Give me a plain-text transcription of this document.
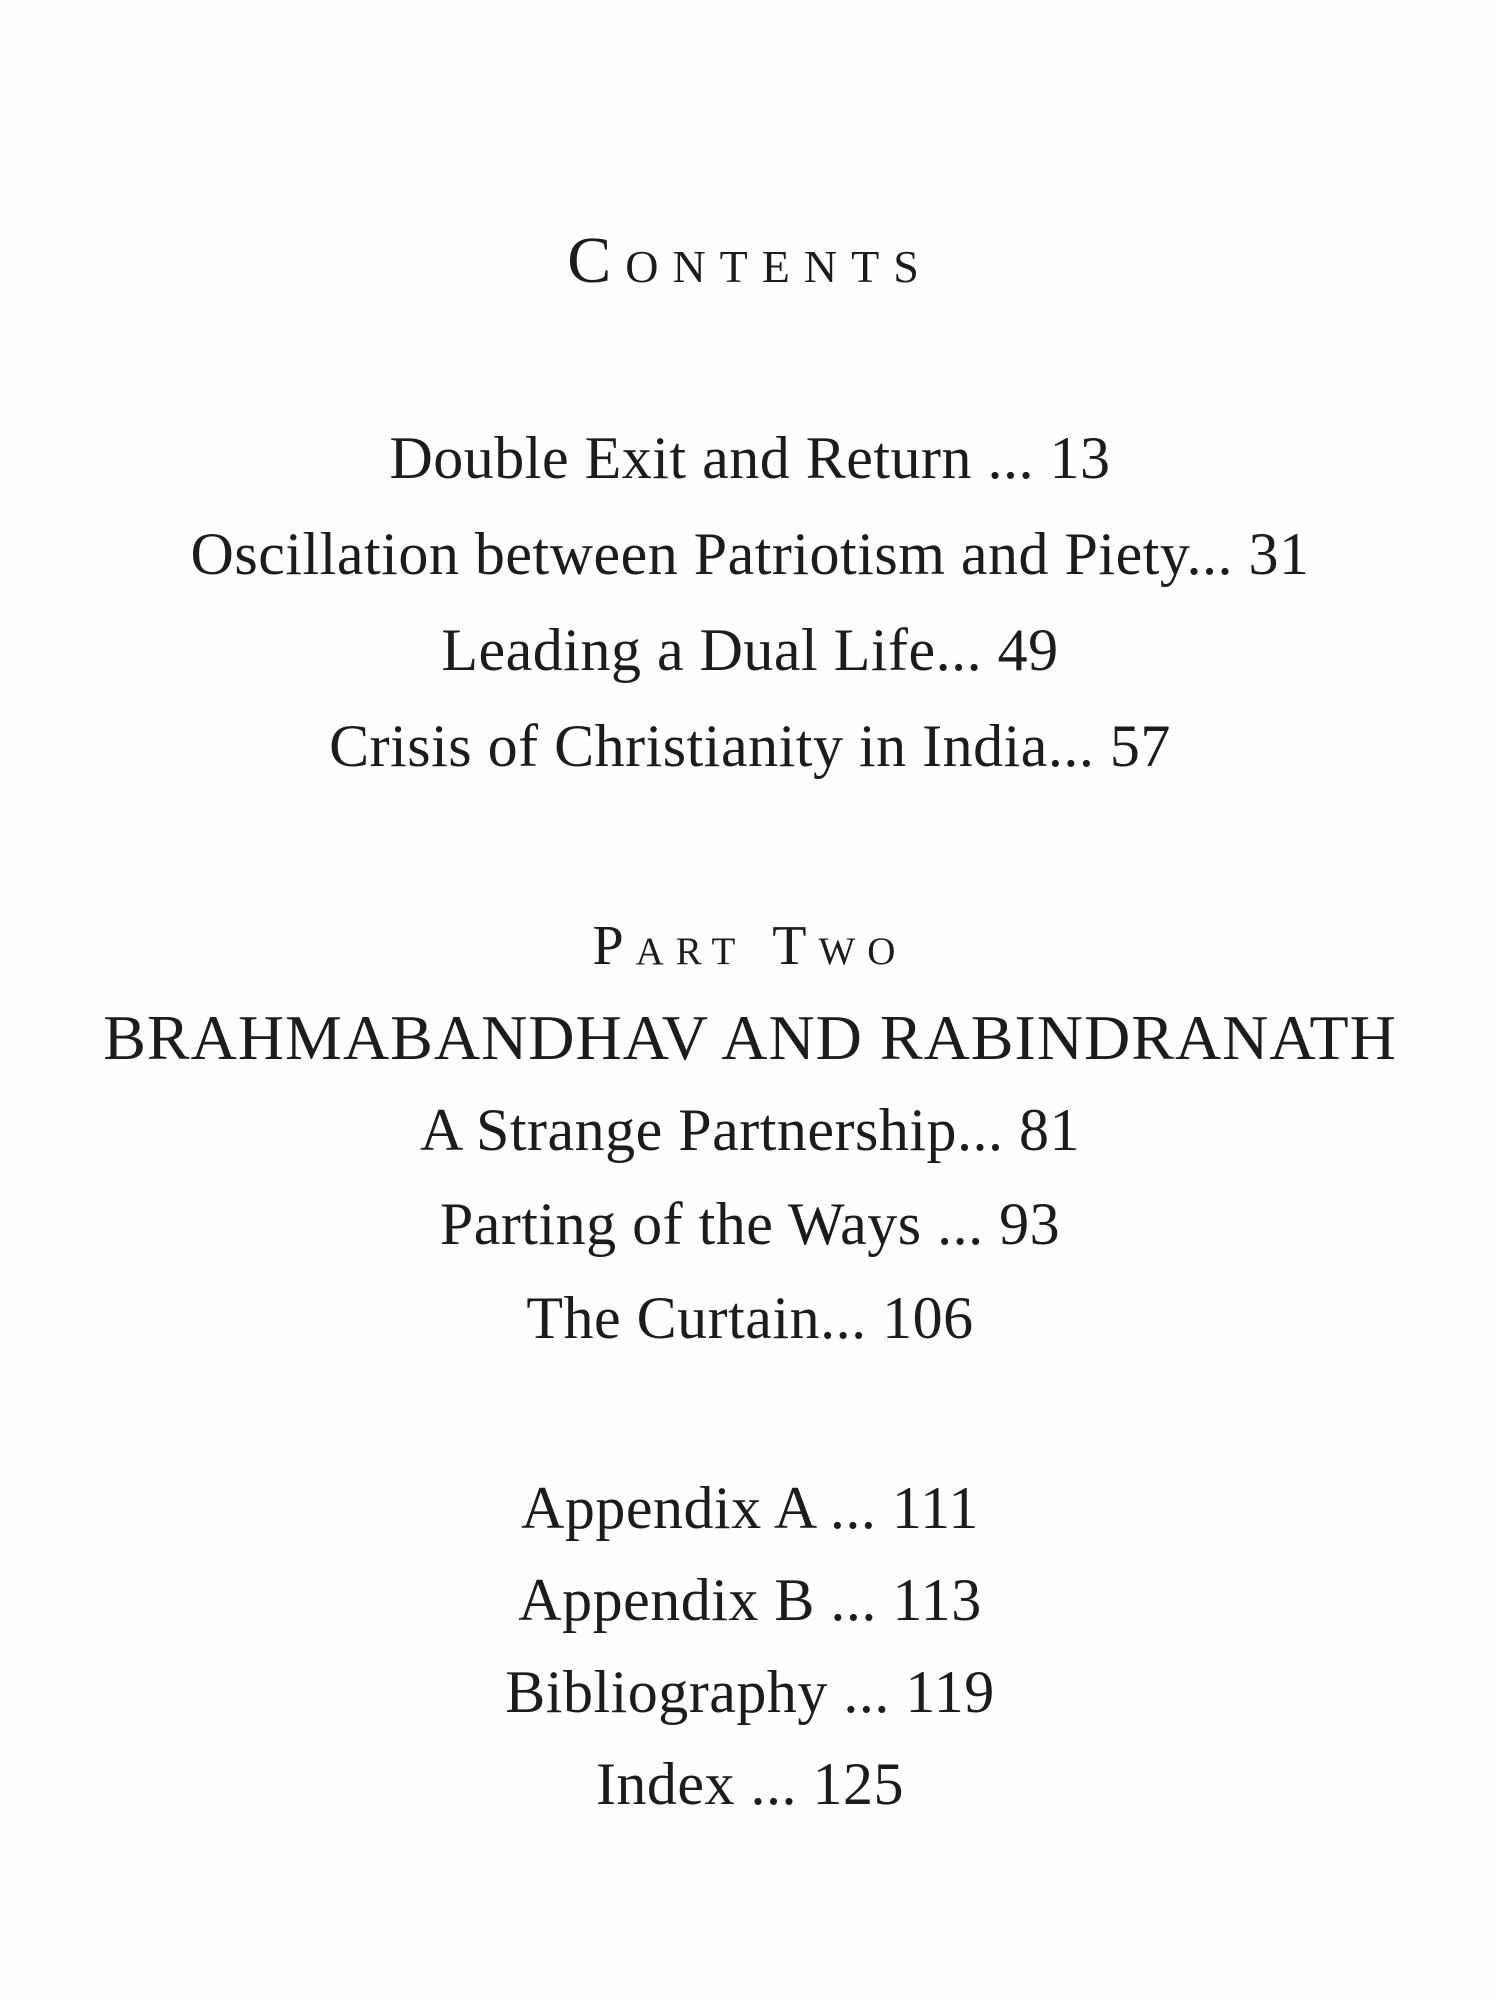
Contents
Double Exit and Return ... 13
Oscillation between Patriotism and Piety... 31
Leading a Dual Life... 49
Crisis of Christianity in India... 57
Part Two
BRAHMABANDHAV AND RABINDRANATH
A Strange Partnership... 81
Parting of the Ways ... 93
The Curtain... 106
Appendix A ... 111
Appendix B ... 113
Bibliography ... 119
Index ... 125
